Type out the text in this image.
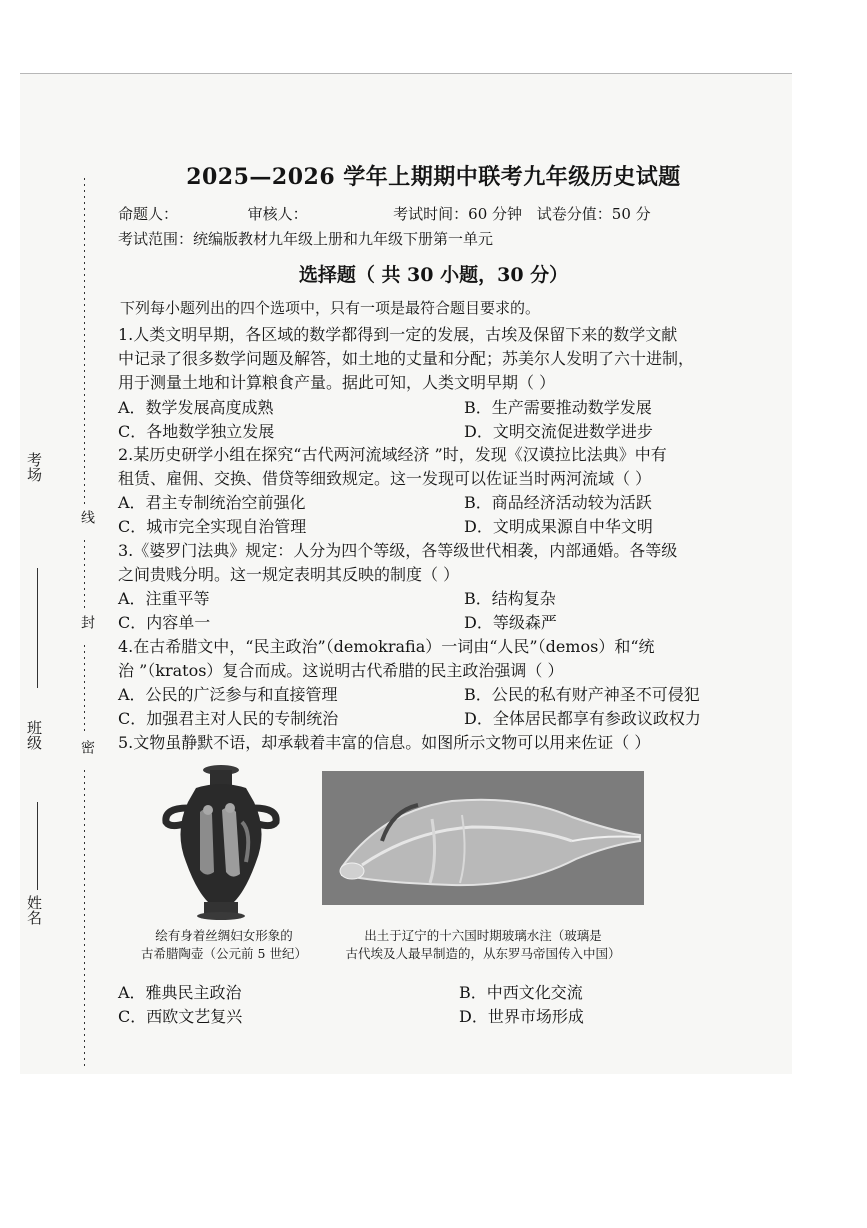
考场
班级
姓名
线
封
密
2025—2026 学年上期期中联考九年级历史试题
命题人：	审核人：	考试时间：60 分钟 试卷分值：50 分
考试范围：统编版教材九年级上册和九年级下册第一单元
选择题（ 共 30 小题，30 分）
下列每小题列出的四个选项中，只有一项是最符合题目要求的。
1.人类文明早期，各区域的数学都得到一定的发展，古埃及保留下来的数学文献
中记录了很多数学问题及解答，如土地的丈量和分配；苏美尔人发明了六十进制，
用于测量土地和计算粮食产量。据此可知，人类文明早期（ ）
A．数学发展高度成熟	B．生产需要推动数学发展
C．各地数学独立发展	D．文明交流促进数学进步
2.某历史研学小组在探究“古代两河流域经济 ”时，发现《汉谟拉比法典》中有
租赁、雇佣、交换、借贷等细致规定。这一发现可以佐证当时两河流域（ ）
A．君主专制统治空前强化	B．商品经济活动较为活跃
C．城市完全实现自治管理	D．文明成果源自中华文明
3.《婆罗门法典》规定：人分为四个等级，各等级世代相袭，内部通婚。各等级
之间贵贱分明。这一规定表明其反映的制度（ ）
A．注重平等	B．结构复杂
C．内容单一	D．等级森严
4.在古希腊文中，“民主政治”（demokrafia）一词由“人民”（demos）和“统
治 ”（kratos）复合而成。这说明古代希腊的民主政治强调（ ）
A．公民的广泛参与和直接管理	B．公民的私有财产神圣不可侵犯
C．加强君主对人民的专制统治	D．全体居民都享有参政议政权力
5.文物虽静默不语，却承载着丰富的信息。如图所示文物可以用来佐证（ ）
绘有身着丝绸妇女形象的
古希腊陶壶（公元前 5 世纪）
出土于辽宁的十六国时期玻璃水注（玻璃是
古代埃及人最早制造的，从东罗马帝国传入中国）
A．雅典民主政治	B．中西文化交流
C．西欧文艺复兴	D．世界市场形成
